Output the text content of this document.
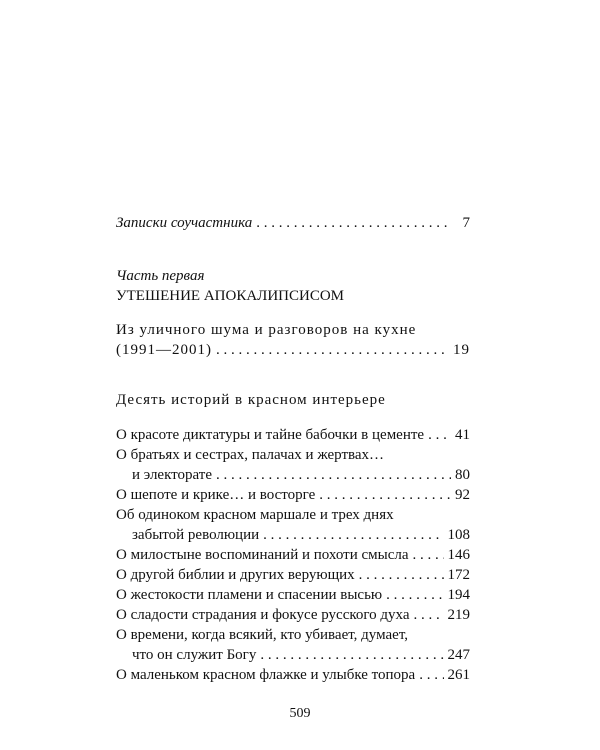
Записки соучастника . . .	7
Часть первая
УТЕШЕНИЕ АПОКАЛИПСИСОМ
Из уличного шума и разговоров на кухне
(1991—2001) . . .	19
Десять историй в красном интерьере
О красоте диктатуры и тайне бабочки в цементе . . . 41
О братьях и сестрах, палачах и жертвах…
и электорате . . .	80
О шепоте и крике… и восторге . . .	92
Об одиноком красном маршале и трех днях
забытой революции . . .	108
О милостыне воспоминаний и похоти смысла . . .	146
О другой библии и других верующих . . .	172
О жестокости пламени и спасении высью . . .	194
О сладости страдания и фокусе русского духа . . .	219
О времени, когда всякий, кто убивает, думает,
что он служит Богу . . .	247
О маленьком красном флажке и улыбке топора . . . 261
509
